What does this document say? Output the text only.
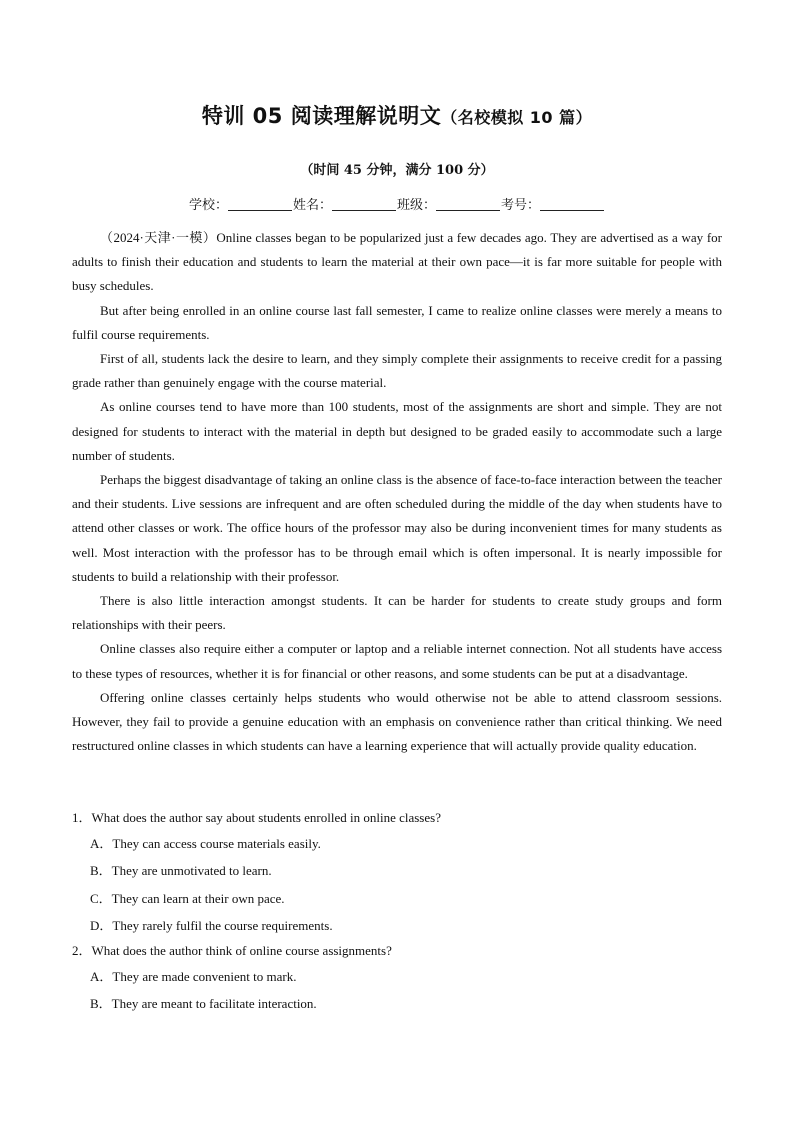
特训 05 阅读理解说明文（名校模拟 10 篇）
（时间 45 分钟，满分 100 分）
学校：	姓名：	班级：	考号：

（2024·天津·一模）Online classes began to be popularized just a few decades ago. They are advertised as a way for adults to finish their education and students to learn the material at their own pace—it is far more suitable for people with busy schedules.

But after being enrolled in an online course last fall semester, I came to realize online classes were merely a means to fulfil course requirements.

First of all, students lack the desire to learn, and they simply complete their assignments to receive credit for a passing grade rather than genuinely engage with the course material.

As online courses tend to have more than 100 students, most of the assignments are short and simple. They are not designed for students to interact with the material in depth but designed to be graded easily to accommodate such a large number of students.

Perhaps the biggest disadvantage of taking an online class is the absence of face-to-face interaction between the teacher and their students. Live sessions are infrequent and are often scheduled during the middle of the day when students have to attend other classes or work. The office hours of the professor may also be during inconvenient times for many students as well. Most interaction with the professor has to be through email which is often impersonal. It is nearly impossible for students to build a relationship with their professor.

There is also little interaction amongst students. It can be harder for students to create study groups and form relationships with their peers.

Online classes also require either a computer or laptop and a reliable internet connection. Not all students have access to these types of resources, whether it is for financial or other reasons, and some students can be put at a disadvantage.

Offering online classes certainly helps students who would otherwise not be able to attend classroom sessions. However, they fail to provide a genuine education with an emphasis on convenience rather than critical thinking. We need restructured online classes in which students can have a learning experience that will actually provide quality education.

1．What does the author say about students enrolled in online classes?
A．They can access course materials easily.
B．They are unmotivated to learn.
C．They can learn at their own pace.
D．They rarely fulfil the course requirements.
2．What does the author think of online course assignments?
A．They are made convenient to mark.
B．They are meant to facilitate interaction.
